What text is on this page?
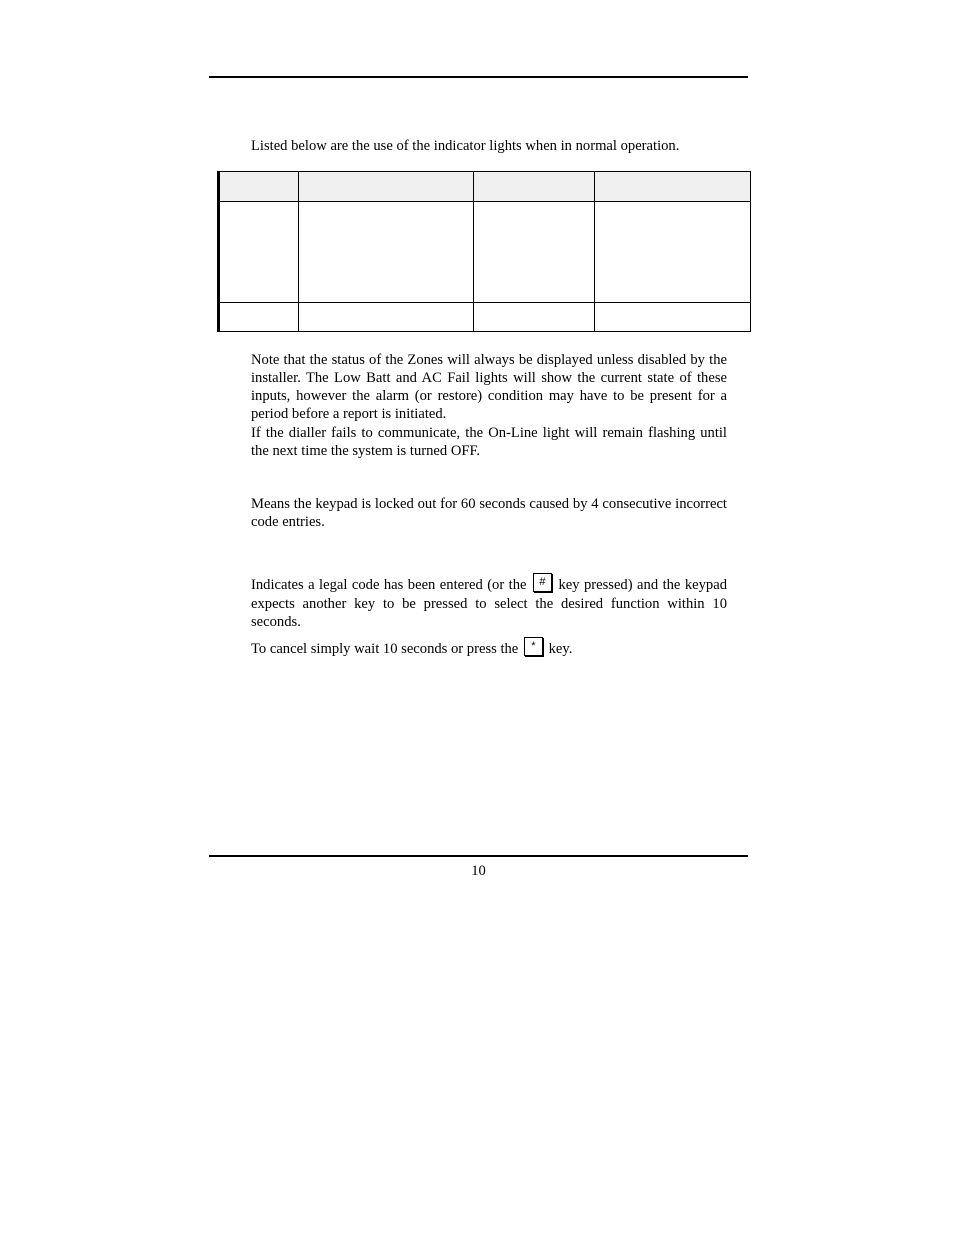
Listed below are the use of the indicator lights when in normal operation.

Note that the status of the Zones will always be displayed unless disabled by the installer. The Low Batt and AC Fail lights will show the current state of these inputs, however the alarm (or restore) condition may have to be present for a period before a report is initiated.

If the dialler fails to communicate, the On-Line light will remain flashing until the next time the system is turned OFF.

Means the keypad is locked out for 60 seconds caused by 4 consecutive incorrect code entries.

Indicates a legal code has been entered (or the # key pressed) and the keypad expects another key to be pressed to select the desired function within 10 seconds.

To cancel simply wait 10 seconds or press the * key.

10
